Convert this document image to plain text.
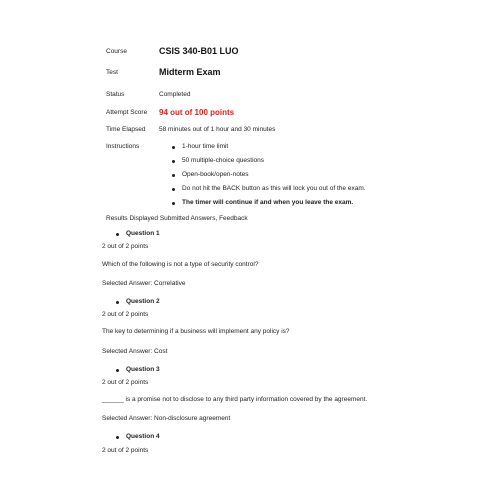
Course	CSIS 340-B01 LUO
Test	Midterm Exam
Status	Completed
Attempt Score 94 out of 100 points
Time Elapsed 58 minutes out of 1 hour and 30 minutes
Instructions	1-hour time limit
50 multiple-choice questions
Open-book/open-notes
Do not hit the BACK button as this will lock you out of the exam.
The timer will continue if and when you leave the exam.
Results Displayed Submitted Answers, Feedback
Question 1
2 out of 2 points
Which of the following is not a type of security control?
Selected Answer: Correlative
Question 2
2 out of 2 points
The key to determining if a business will implement any policy is?
Selected Answer: Cost
Question 3
2 out of 2 points
______ is a promise not to disclose to any third party information covered by the agreement.
Selected Answer: Non-disclosure agreement
Question 4
2 out of 2 points
